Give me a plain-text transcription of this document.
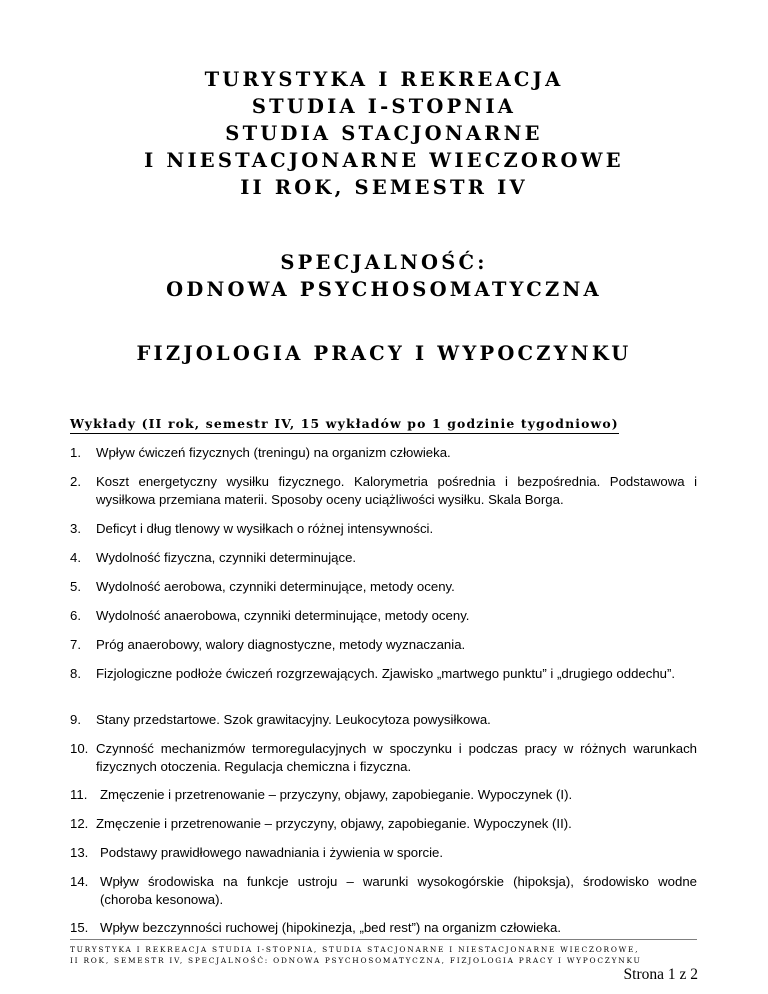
TURYSTYKA I REKREACJA
STUDIA I-STOPNIA
STUDIA STACJONARNE
I NIESTACJONARNE WIECZOROWE
II ROK, SEMESTR IV
SPECJALNOŚĆ:
ODNOWA PSYCHOSOMATYCZNA
FIZJOLOGIA PRACY I WYPOCZYNKU
Wykłady (II rok, semestr IV, 15 wykładów po 1 godzinie tygodniowo)
1. Wpływ ćwiczeń fizycznych (treningu) na organizm człowieka.
2. Koszt energetyczny wysiłku fizycznego. Kalorymetria pośrednia i bezpośrednia. Podstawowa i wysiłkowa przemiana materii. Sposoby oceny uciążliwości wysiłku. Skala Borga.
3. Deficyt i dług tlenowy w wysiłkach o różnej intensywności.
4. Wydolność fizyczna, czynniki determinujące.
5. Wydolność aerobowa, czynniki determinujące, metody oceny.
6. Wydolność anaerobowa, czynniki determinujące, metody oceny.
7. Próg anaerobowy, walory diagnostyczne, metody wyznaczania.
8. Fizjologiczne podłoże ćwiczeń rozgrzewających. Zjawisko „martwego punktu” i „drugiego oddechu”.
9. Stany przedstartowe. Szok grawitacyjny. Leukocytoza powysiłkowa.
10. Czynność mechanizmów termoregulacyjnych w spoczynku i podczas pracy w różnych warunkach fizycznych otoczenia. Regulacja chemiczna i fizyczna.
11. Zmęczenie i przetrenowanie – przyczyny, objawy, zapobieganie. Wypoczynek (I).
12. Zmęczenie i przetrenowanie – przyczyny, objawy, zapobieganie. Wypoczynek (II).
13. Podstawy prawidłowego nawadniania i żywienia w sporcie.
14. Wpływ środowiska na funkcje ustroju – warunki wysokogórskie (hipoksja), środowisko wodne (choroba kesonowa).
15. Wpływ bezczynności ruchowej (hipokinezja, „bed rest”) na organizm człowieka.
TURYSTYKA I REKREACJA STUDIA I-STOPNIA, STUDIA STACJONARNE I NIESTACJONARNE WIECZOROWE,
II ROK, SEMESTR IV, SPECJALNOŚĆ: ODNOWA PSYCHOSOMATYCZNA, FIZJOLOGIA PRACY I WYPOCZYNKU
Strona 1 z 2
